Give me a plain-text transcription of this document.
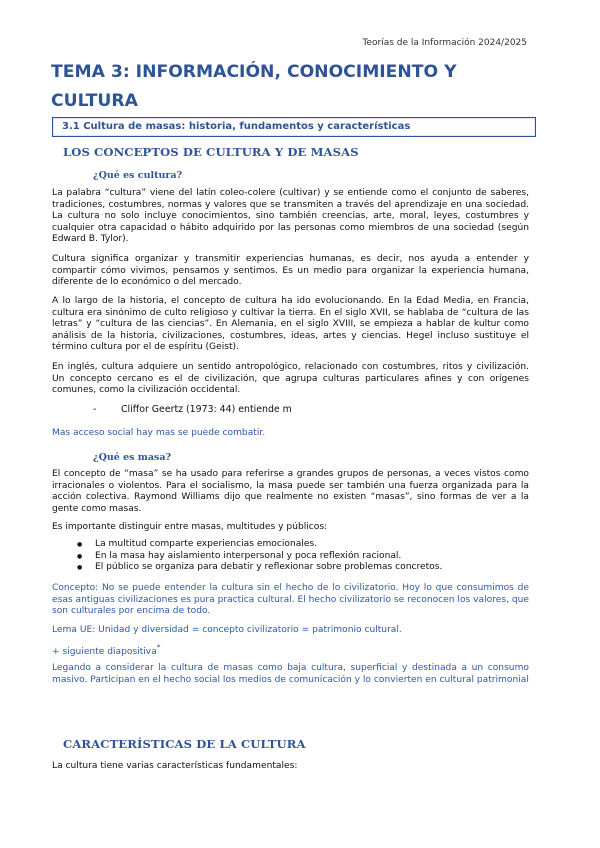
Teorías de la Información 2024/2025
TEMA 3: INFORMACIÓN, CONOCIMIENTO Y
CULTURA
3.1 Cultura de masas: historia, fundamentos y características
LOS CONCEPTOS DE CULTURA Y DE MASAS
¿Qué es cultura?

La palabra “cultura” viene del latín coleo-colere (cultivar) y se entiende como el conjunto de saberes, tradiciones, costumbres, normas y valores que se transmiten a través del aprendizaje en una sociedad. La cultura no solo incluye conocimientos, sino también creencias, arte, moral, leyes, costumbres y cualquier otra capacidad o hábito adquirido por las personas como miembros de una sociedad (según Edward B. Tylor).

Cultura significa organizar y transmitir experiencias humanas, es decir, nos ayuda a entender y compartir cómo vivimos, pensamos y sentimos. Es un medio para organizar la experiencia humana, diferente de lo económico o del mercado.

A lo largo de la historia, el concepto de cultura ha ido evolucionando. En la Edad Media, en Francia, cultura era sinónimo de culto religioso y cultivar la tierra. En el siglo XVII, se hablaba de “cultura de las letras” y “cultura de las ciencias”. En Alemania, en el siglo XVIII, se empieza a hablar de kultur como análisis de la historia, civilizaciones, costumbres, ideas, artes y ciencias. Hegel incluso sustituye el término cultura por el de espíritu (Geist).

En inglés, cultura adquiere un sentido antropológico, relacionado con costumbres, ritos y civilización. Un concepto cercano es el de civilización, que agrupa culturas particulares afines y con orígenes comunes, como la civilización occidental.

-	Cliffor Geertz (1973: 44) entiende m

Mas acceso social hay mas se puede combatir.

¿Qué es masa?

El concepto de “masa” se ha usado para referirse a grandes grupos de personas, a veces vistos como irracionales o violentos. Para el socialismo, la masa puede ser también una fuerza organizada para la acción colectiva. Raymond Williams dijo que realmente no existen “masas”, sino formas de ver a la gente como masas.

Es importante distinguir entre masas, multitudes y públicos:

● La multitud comparte experiencias emocionales.
● En la masa hay aislamiento interpersonal y poca reflexión racional.
● El público se organiza para debatir y reflexionar sobre problemas concretos.

Concepto: No se puede entender la cultura sin el hecho de lo civilizatorio. Hoy lo que consumimos de esas antiguas civilizaciones es pura practica cultural. El hecho civilizatorio se reconocen los valores, que son culturales por encima de todo.

Lema UE: Unidad y diversidad = concepto civilizatorio = patrimonio cultural.

+ siguiente diapositiva*

Legando a considerar la cultura de masas como baja cultura, superficial y destinada a un consumo masivo. Participan en el hecho social los medios de comunicación y lo convierten en cultural patrimonial

CARACTERÍSTICAS DE LA CULTURA

La cultura tiene varias características fundamentales:
